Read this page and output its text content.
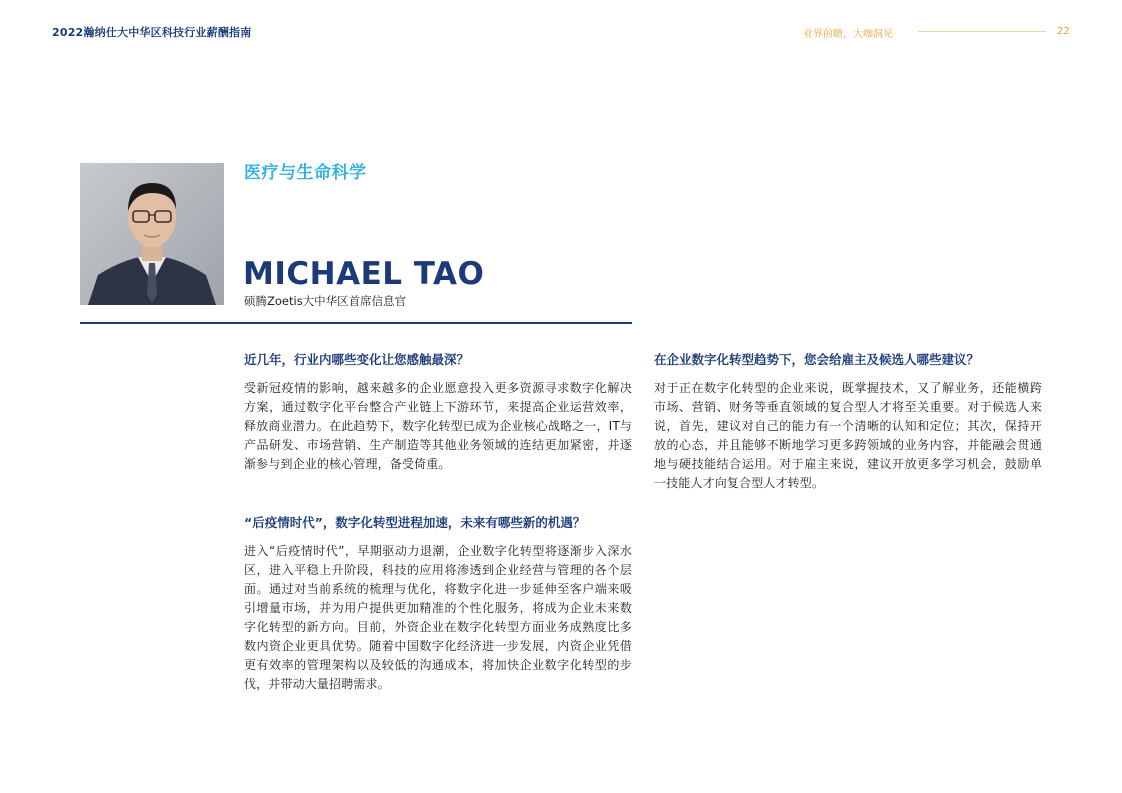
2022瀚纳仕大中华区科技行业薪酬指南	业界前瞻，大咖洞见	22
医疗与生命科学
MICHAEL TAO
硕腾Zoetis大中华区首席信息官

近几年，行业内哪些变化让您感触最深？

受新冠疫情的影响，越来越多的企业愿意投入更多资源寻求数字化解决方案，通过数字化平台整合产业链上下游环节，来提高企业运营效率，释放商业潜力。在此趋势下，数字化转型已成为企业核心战略之一，IT与产品研发、市场营销、生产制造等其他业务领域的连结更加紧密，并逐渐参与到企业的核心管理，备受倚重。

“后疫情时代”，数字化转型进程加速，未来有哪些新的机遇？

进入“后疫情时代”，早期驱动力退潮，企业数字化转型将逐渐步入深水区，进入平稳上升阶段，科技的应用将渗透到企业经营与管理的各个层面。通过对当前系统的梳理与优化，将数字化进一步延伸至客户端来吸引增量市场，并为用户提供更加精准的个性化服务，将成为企业未来数字化转型的新方向。目前，外资企业在数字化转型方面业务成熟度比多数内资企业更具优势。随着中国数字化经济进一步发展，内资企业凭借更有效率的管理架构以及较低的沟通成本，将加快企业数字化转型的步伐，并带动大量招聘需求。

在企业数字化转型趋势下，您会给雇主及候选人哪些建议？

对于正在数字化转型的企业来说，既掌握技术，又了解业务，还能横跨市场、营销、财务等垂直领域的复合型人才将至关重要。对于候选人来说，首先，建议对自己的能力有一个清晰的认知和定位；其次，保持开放的心态，并且能够不断地学习更多跨领域的业务内容，并能融会贯通地与硬技能结合运用。对于雇主来说，建议开放更多学习机会，鼓励单一技能人才向复合型人才转型。
